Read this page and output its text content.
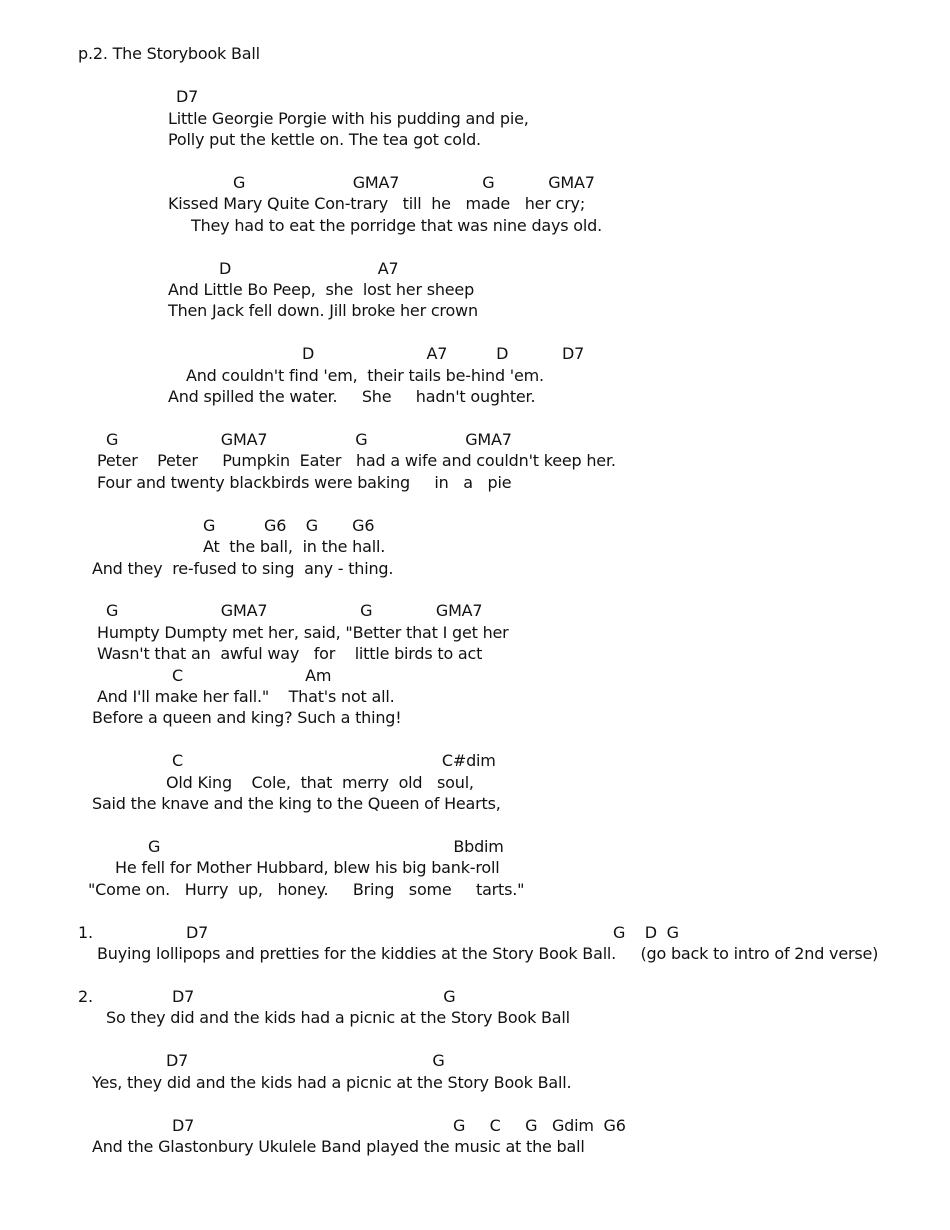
p.2. The Storybook Ball
D7
Little Georgie Porgie with his pudding and pie,
Polly put the kettle on. The tea got cold.
G                      GMA7                 G           GMA7
Kissed Mary Quite Con-trary   till  he   made   her cry;
They had to eat the porridge that was nine days old.
D                              A7
And Little Bo Peep,  she  lost her sheep
Then Jack fell down. Jill broke her crown
D                       A7          D           D7
And couldn't find 'em,  their tails be-hind 'em.
And spilled the water.     She     hadn't oughter.
G                     GMA7                  G                    GMA7
Peter    Peter     Pumpkin  Eater   had a wife and couldn't keep her.
Four and twenty blackbirds were baking     in   a   pie
G          G6    G       G6
At  the ball,  in the hall.
And they  re-fused to sing  any - thing.
G                     GMA7                   G             GMA7
Humpty Dumpty met her, said, "Better that I get her
Wasn't that an  awful way   for    little birds to act
C                         Am
And I'll make her fall."    That's not all.
Before a queen and king? Such a thing!
C                                                     C#dim
Old King    Cole,  that  merry  old   soul,
Said the knave and the king to the Queen of Hearts,
G                                                            Bbdim
He fell for Mother Hubbard, blew his big bank-roll
"Come on.   Hurry  up,   honey.     Bring   some     tarts."
1.	D7	G    D  G
Buying lollipops and pretties for the kiddies at the Story Book Ball.     (go back to intro of 2nd verse)
2.	D7                                                   G
So they did and the kids had a picnic at the Story Book Ball
D7                                                  G
Yes, they did and the kids had a picnic at the Story Book Ball.
D7                                                     G     C     G   Gdim  G6
And the Glastonbury Ukulele Band played the music at the ball
